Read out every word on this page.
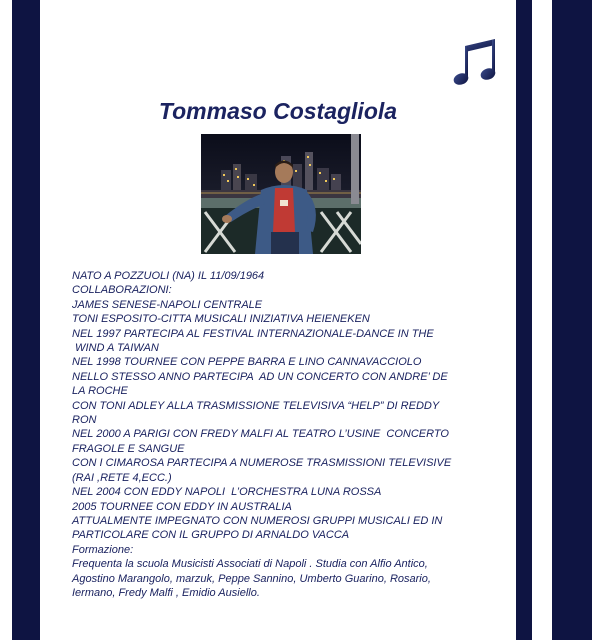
Tommaso Costagliola
NATO A POZZUOLI (NA) IL 11/09/1964
COLLABORAZIONI:
JAMES SENESE-NAPOLI CENTRALE
TONI ESPOSITO-CITTA MUSICALI INIZIATIVA HEIENEKEN
NEL 1997 PARTECIPA AL FESTIVAL INTERNAZIONALE-DANCE IN THE
WIND A TAIWAN
NEL 1998 TOURNEE CON PEPPE BARRA E LINO CANNAVACCIOLO
NELLO STESSO ANNO PARTECIPA  AD UN CONCERTO CON ANDRE’ DE
LA ROCHE
CON TONI ADLEY ALLA TRASMISSIONE TELEVISIVA “HELP” DI REDDY
RON
NEL 2000 A PARIGI CON FREDY MALFI AL TEATRO L’USINE  CONCERTO
FRAGOLE E SANGUE
CON I CIMAROSA PARTECIPA A NUMEROSE TRASMISSIONI TELEVISIVE
(RAI ,RETE 4,ECC.)
NEL 2004 CON EDDY NAPOLI  L’ORCHESTRA LUNA ROSSA
2005 TOURNEE CON EDDY IN AUSTRALIA
ATTUALMENTE IMPEGNATO CON NUMEROSI GRUPPI MUSICALI ED IN
PARTICOLARE CON IL GRUPPO DI ARNALDO VACCA
Formazione:
Frequenta la scuola Musicisti Associati di Napoli . Studia con Alfio Antico,
Agostino Marangolo, marzuk, Peppe Sannino, Umberto Guarino, Rosario,
Iermano, Fredy Malfi , Emidio Ausiello.
